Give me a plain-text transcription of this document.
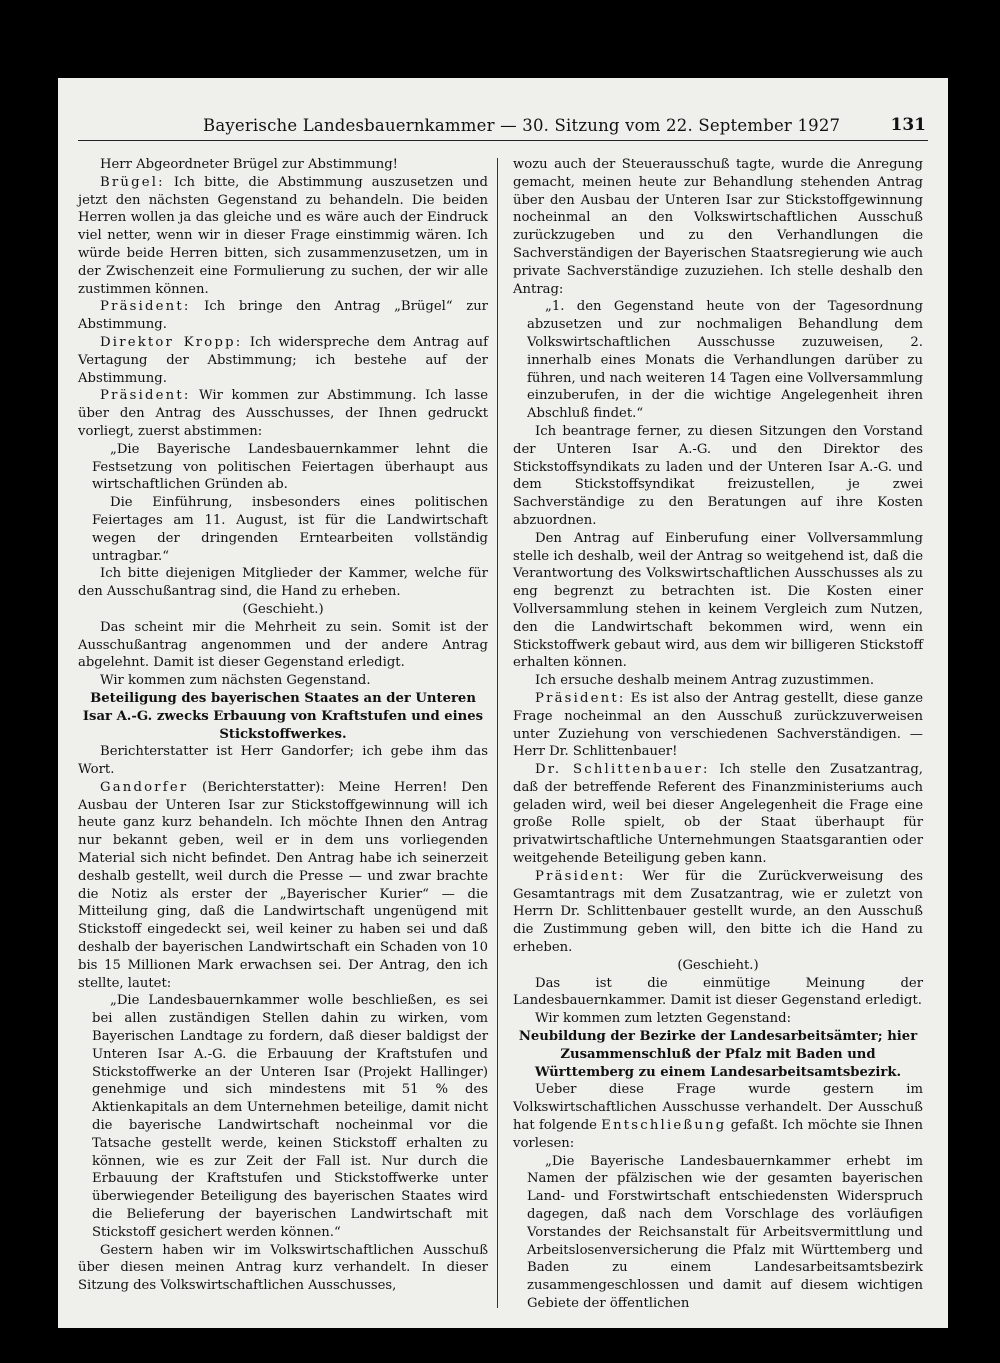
Bayerische Landesbauernkammer — 30. Sitzung vom 22. September 1927	131

Herr Abgeordneter Brügel zur Abstimmung!

Brügel: Ich bitte, die Abstimmung auszusetzen und jetzt den nächsten Gegenstand zu behandeln. Die beiden Herren wollen ja das gleiche und es wäre auch der Eindruck viel netter, wenn wir in dieser Frage einstimmig wären. Ich würde beide Herren bitten, sich zusammenzusetzen, um in der Zwischenzeit eine Formulierung zu suchen, der wir alle zustimmen können.

Präsident: Ich bringe den Antrag „Brügel“ zur Abstimmung.

Direktor Kropp: Ich widerspreche dem Antrag auf Vertagung der Abstimmung; ich bestehe auf der Abstimmung.

Präsident: Wir kommen zur Abstimmung. Ich lasse über den Antrag des Ausschusses, der Ihnen gedruckt vorliegt, zuerst abstimmen:

„Die Bayerische Landesbauernkammer lehnt die Festsetzung von politischen Feiertagen überhaupt aus wirtschaftlichen Gründen ab.

Die Einführung, insbesonders eines politischen Feiertages am 11. August, ist für die Landwirtschaft wegen der dringenden Erntearbeiten vollständig untragbar.“

Ich bitte diejenigen Mitglieder der Kammer, welche für den Ausschußantrag sind, die Hand zu erheben.

(Geschieht.)

Das scheint mir die Mehrheit zu sein. Somit ist der Ausschußantrag angenommen und der andere Antrag abgelehnt. Damit ist dieser Gegenstand erledigt.

Wir kommen zum nächsten Gegenstand.

Beteiligung des bayerischen Staates an der Unteren Isar A.-G. zwecks Erbauung von Kraftstufen und eines Stickstoffwerkes.

Berichterstatter ist Herr Gandorfer; ich gebe ihm das Wort.

Gandorfer (Berichterstatter): Meine Herren! Den Ausbau der Unteren Isar zur Stickstoffgewinnung will ich heute ganz kurz behandeln. Ich möchte Ihnen den Antrag nur bekannt geben, weil er in dem uns vorliegenden Material sich nicht befindet. Den Antrag habe ich seinerzeit deshalb gestellt, weil durch die Presse — und zwar brachte die Notiz als erster der „Bayerischer Kurier“ — die Mitteilung ging, daß die Landwirtschaft ungenügend mit Stickstoff eingedeckt sei, weil keiner zu haben sei und daß deshalb der bayerischen Landwirtschaft ein Schaden von 10 bis 15 Millionen Mark erwachsen sei. Der Antrag, den ich stellte, lautet:

„Die Landesbauernkammer wolle beschließen, es sei bei allen zuständigen Stellen dahin zu wirken, vom Bayerischen Landtage zu fordern, daß dieser baldigst der Unteren Isar A.-G. die Erbauung der Kraftstufen und Stickstoffwerke an der Unteren Isar (Projekt Hallinger) genehmige und sich mindestens mit 51 % des Aktienkapitals an dem Unternehmen beteilige, damit nicht die bayerische Landwirtschaft nocheinmal vor die Tatsache gestellt werde, keinen Stickstoff erhalten zu können, wie es zur Zeit der Fall ist. Nur durch die Erbauung der Kraftstufen und Stickstoffwerke unter überwiegender Beteiligung des bayerischen Staates wird die Belieferung der bayerischen Landwirtschaft mit Stickstoff gesichert werden können.“

Gestern haben wir im Volkswirtschaftlichen Ausschuß über diesen meinen Antrag kurz verhandelt. In dieser Sitzung des Volkswirtschaftlichen Ausschusses,

wozu auch der Steuerausschuß tagte, wurde die Anregung gemacht, meinen heute zur Behandlung stehenden Antrag über den Ausbau der Unteren Isar zur Stickstoffgewinnung nocheinmal an den Volkswirtschaftlichen Ausschuß zurückzugeben und zu den Verhandlungen die Sachverständigen der Bayerischen Staatsregierung wie auch private Sachverständige zuzuziehen. Ich stelle deshalb den Antrag:

„1. den Gegenstand heute von der Tagesordnung abzusetzen und zur nochmaligen Behandlung dem Volkswirtschaftlichen Ausschusse zuzuweisen, 2. innerhalb eines Monats die Verhandlungen darüber zu führen, und nach weiteren 14 Tagen eine Vollversammlung einzuberufen, in der die wichtige Angelegenheit ihren Abschluß findet.“

Ich beantrage ferner, zu diesen Sitzungen den Vorstand der Unteren Isar A.-G. und den Direktor des Stickstoffsyndikats zu laden und der Unteren Isar A.-G. und dem Stickstoffsyndikat freizustellen, je zwei Sachverständige zu den Beratungen auf ihre Kosten abzuordnen.

Den Antrag auf Einberufung einer Vollversammlung stelle ich deshalb, weil der Antrag so weitgehend ist, daß die Verantwortung des Volkswirtschaftlichen Ausschusses als zu eng begrenzt zu betrachten ist. Die Kosten einer Vollversammlung stehen in keinem Vergleich zum Nutzen, den die Landwirtschaft bekommen wird, wenn ein Stickstoffwerk gebaut wird, aus dem wir billigeren Stickstoff erhalten können.

Ich ersuche deshalb meinem Antrag zuzustimmen.

Präsident: Es ist also der Antrag gestellt, diese ganze Frage nocheinmal an den Ausschuß zurückzuverweisen unter Zuziehung von verschiedenen Sachverständigen. — Herr Dr. Schlittenbauer!

Dr. Schlittenbauer: Ich stelle den Zusatzantrag, daß der betreffende Referent des Finanzministeriums auch geladen wird, weil bei dieser Angelegenheit die Frage eine große Rolle spielt, ob der Staat überhaupt für privatwirtschaftliche Unternehmungen Staatsgarantien oder weitgehende Beteiligung geben kann.

Präsident: Wer für die Zurückverweisung des Gesamtantrags mit dem Zusatzantrag, wie er zuletzt von Herrn Dr. Schlittenbauer gestellt wurde, an den Ausschuß die Zustimmung geben will, den bitte ich die Hand zu erheben.

(Geschieht.)

Das ist die einmütige Meinung der Landesbauernkammer. Damit ist dieser Gegenstand erledigt.

Wir kommen zum letzten Gegenstand:

Neubildung der Bezirke der Landesarbeitsämter; hier Zusammenschluß der Pfalz mit Baden und Württemberg zu einem Landesarbeitsamtsbezirk.

Ueber diese Frage wurde gestern im Volkswirtschaftlichen Ausschusse verhandelt. Der Ausschuß hat folgende Entschließung gefaßt. Ich möchte sie Ihnen vorlesen:

„Die Bayerische Landesbauernkammer erhebt im Namen der pfälzischen wie der gesamten bayerischen Land- und Forstwirtschaft entschiedensten Widerspruch dagegen, daß nach dem Vorschlage des vorläufigen Vorstandes der Reichsanstalt für Arbeitsvermittlung und Arbeitslosenversicherung die Pfalz mit Württemberg und Baden zu einem Landesarbeitsamtsbezirk zusammengeschlossen und damit auf diesem wichtigen Gebiete der öffentlichen
